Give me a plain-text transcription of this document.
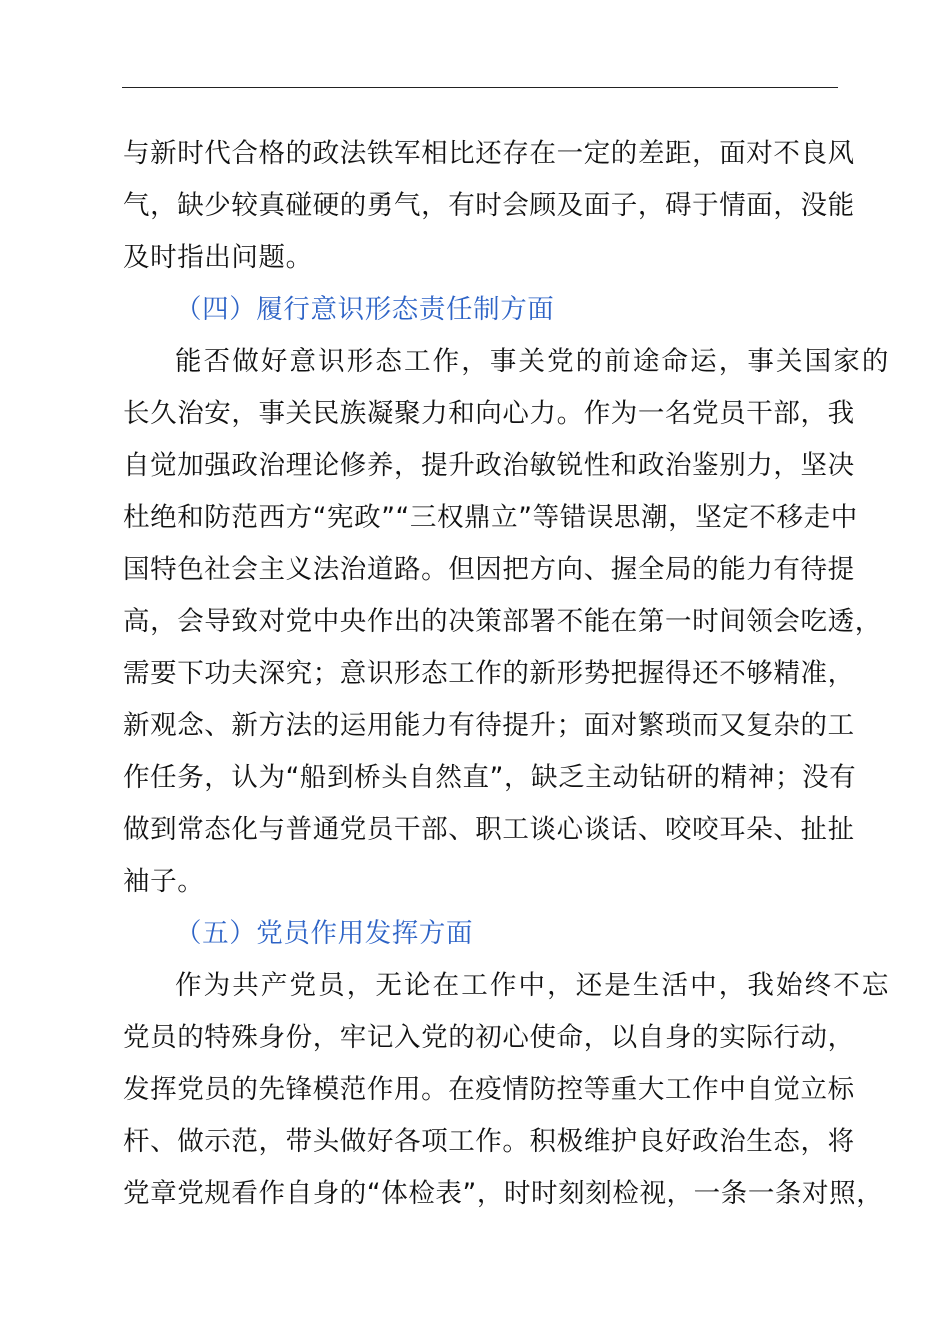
与新时代合格的政法铁军相比还存在一定的差距，面对不良风
气，缺少较真碰硬的勇气，有时会顾及面子，碍于情面，没能
及时指出问题。
（四）履行意识形态责任制方面
能否做好意识形态工作，事关党的前途命运，事关国家的
长久治安，事关民族凝聚力和向心力。作为一名党员干部，我
自觉加强政治理论修养，提升政治敏锐性和政治鉴别力，坚决
杜绝和防范西方“宪政”“三权鼎立”等错误思潮，坚定不移走中
国特色社会主义法治道路。但因把方向、握全局的能力有待提
高，会导致对党中央作出的决策部署不能在第一时间领会吃透，
需要下功夫深究；意识形态工作的新形势把握得还不够精准，
新观念、新方法的运用能力有待提升；面对繁琐而又复杂的工
作任务，认为“船到桥头自然直”，缺乏主动钻研的精神；没有
做到常态化与普通党员干部、职工谈心谈话、咬咬耳朵、扯扯
袖子。
（五）党员作用发挥方面
作为共产党员，无论在工作中，还是生活中，我始终不忘
党员的特殊身份，牢记入党的初心使命，以自身的实际行动，
发挥党员的先锋模范作用。在疫情防控等重大工作中自觉立标
杆、做示范，带头做好各项工作。积极维护良好政治生态，将
党章党规看作自身的“体检表”，时时刻刻检视，一条一条对照，
